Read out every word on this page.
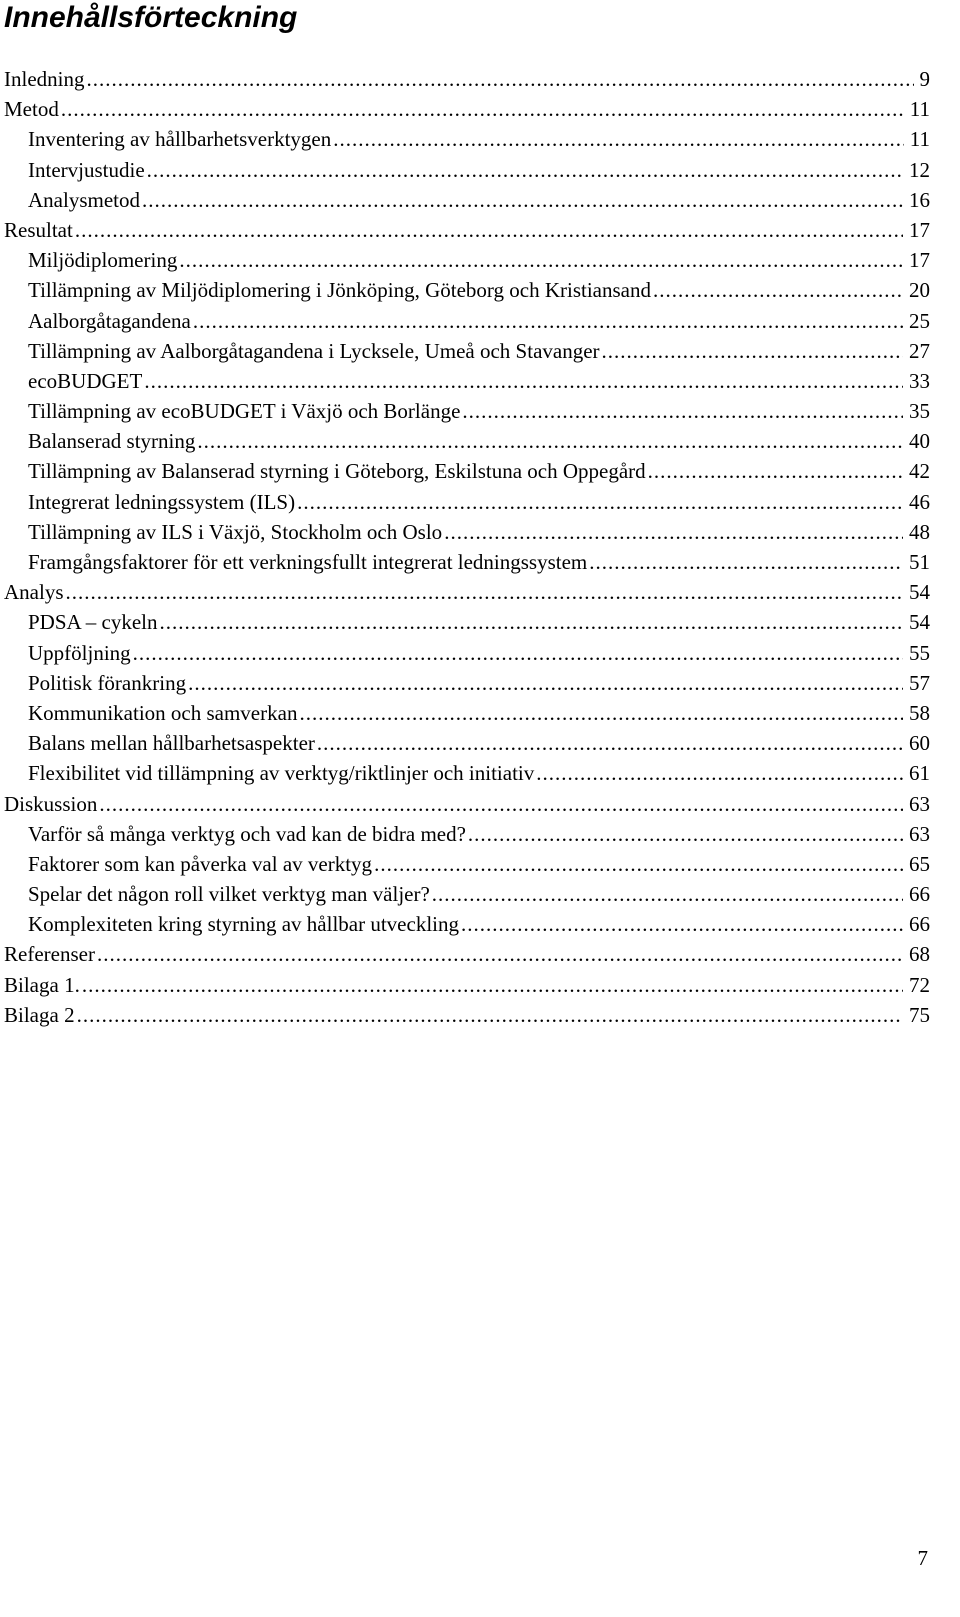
Innehållsförteckning
Inledning .....	9
Metod .....	11
Inventering av hållbarhetsverktygen .....	11
Intervjustudie .....	12
Analysmetod .....	16
Resultat .....	17
Miljödiplomering .....	17
Tillämpning av Miljödiplomering i Jönköping, Göteborg och Kristiansand .....	20
Aalborgåtagandena .....	25
Tillämpning av Aalborgåtagandena i Lycksele, Umeå och Stavanger .....	27
ecoBUDGET .....	33
Tillämpning av ecoBUDGET i Växjö och Borlänge .....	35
Balanserad styrning .....	40
Tillämpning av Balanserad styrning i Göteborg, Eskilstuna och Oppegård .....	42
Integrerat ledningssystem (ILS) .....	46
Tillämpning av ILS i Växjö, Stockholm och Oslo .....	48
Framgångsfaktorer för ett verkningsfullt integrerat ledningssystem .....	51
Analys .....	54
PDSA – cykeln .....	54
Uppföljning .....	55
Politisk förankring .....	57
Kommunikation och samverkan .....	58
Balans mellan hållbarhetsaspekter .....	60
Flexibilitet vid tillämpning av verktyg/riktlinjer och initiativ .....	61
Diskussion .....	63
Varför så många verktyg och vad kan de bidra med? .....	63
Faktorer som kan påverka val av verktyg .....	65
Spelar det någon roll vilket verktyg man väljer? .....	66
Komplexiteten kring styrning av hållbar utveckling .....	66
Referenser .....	68
Bilaga 1. .....	72
Bilaga 2 .....	75
7
